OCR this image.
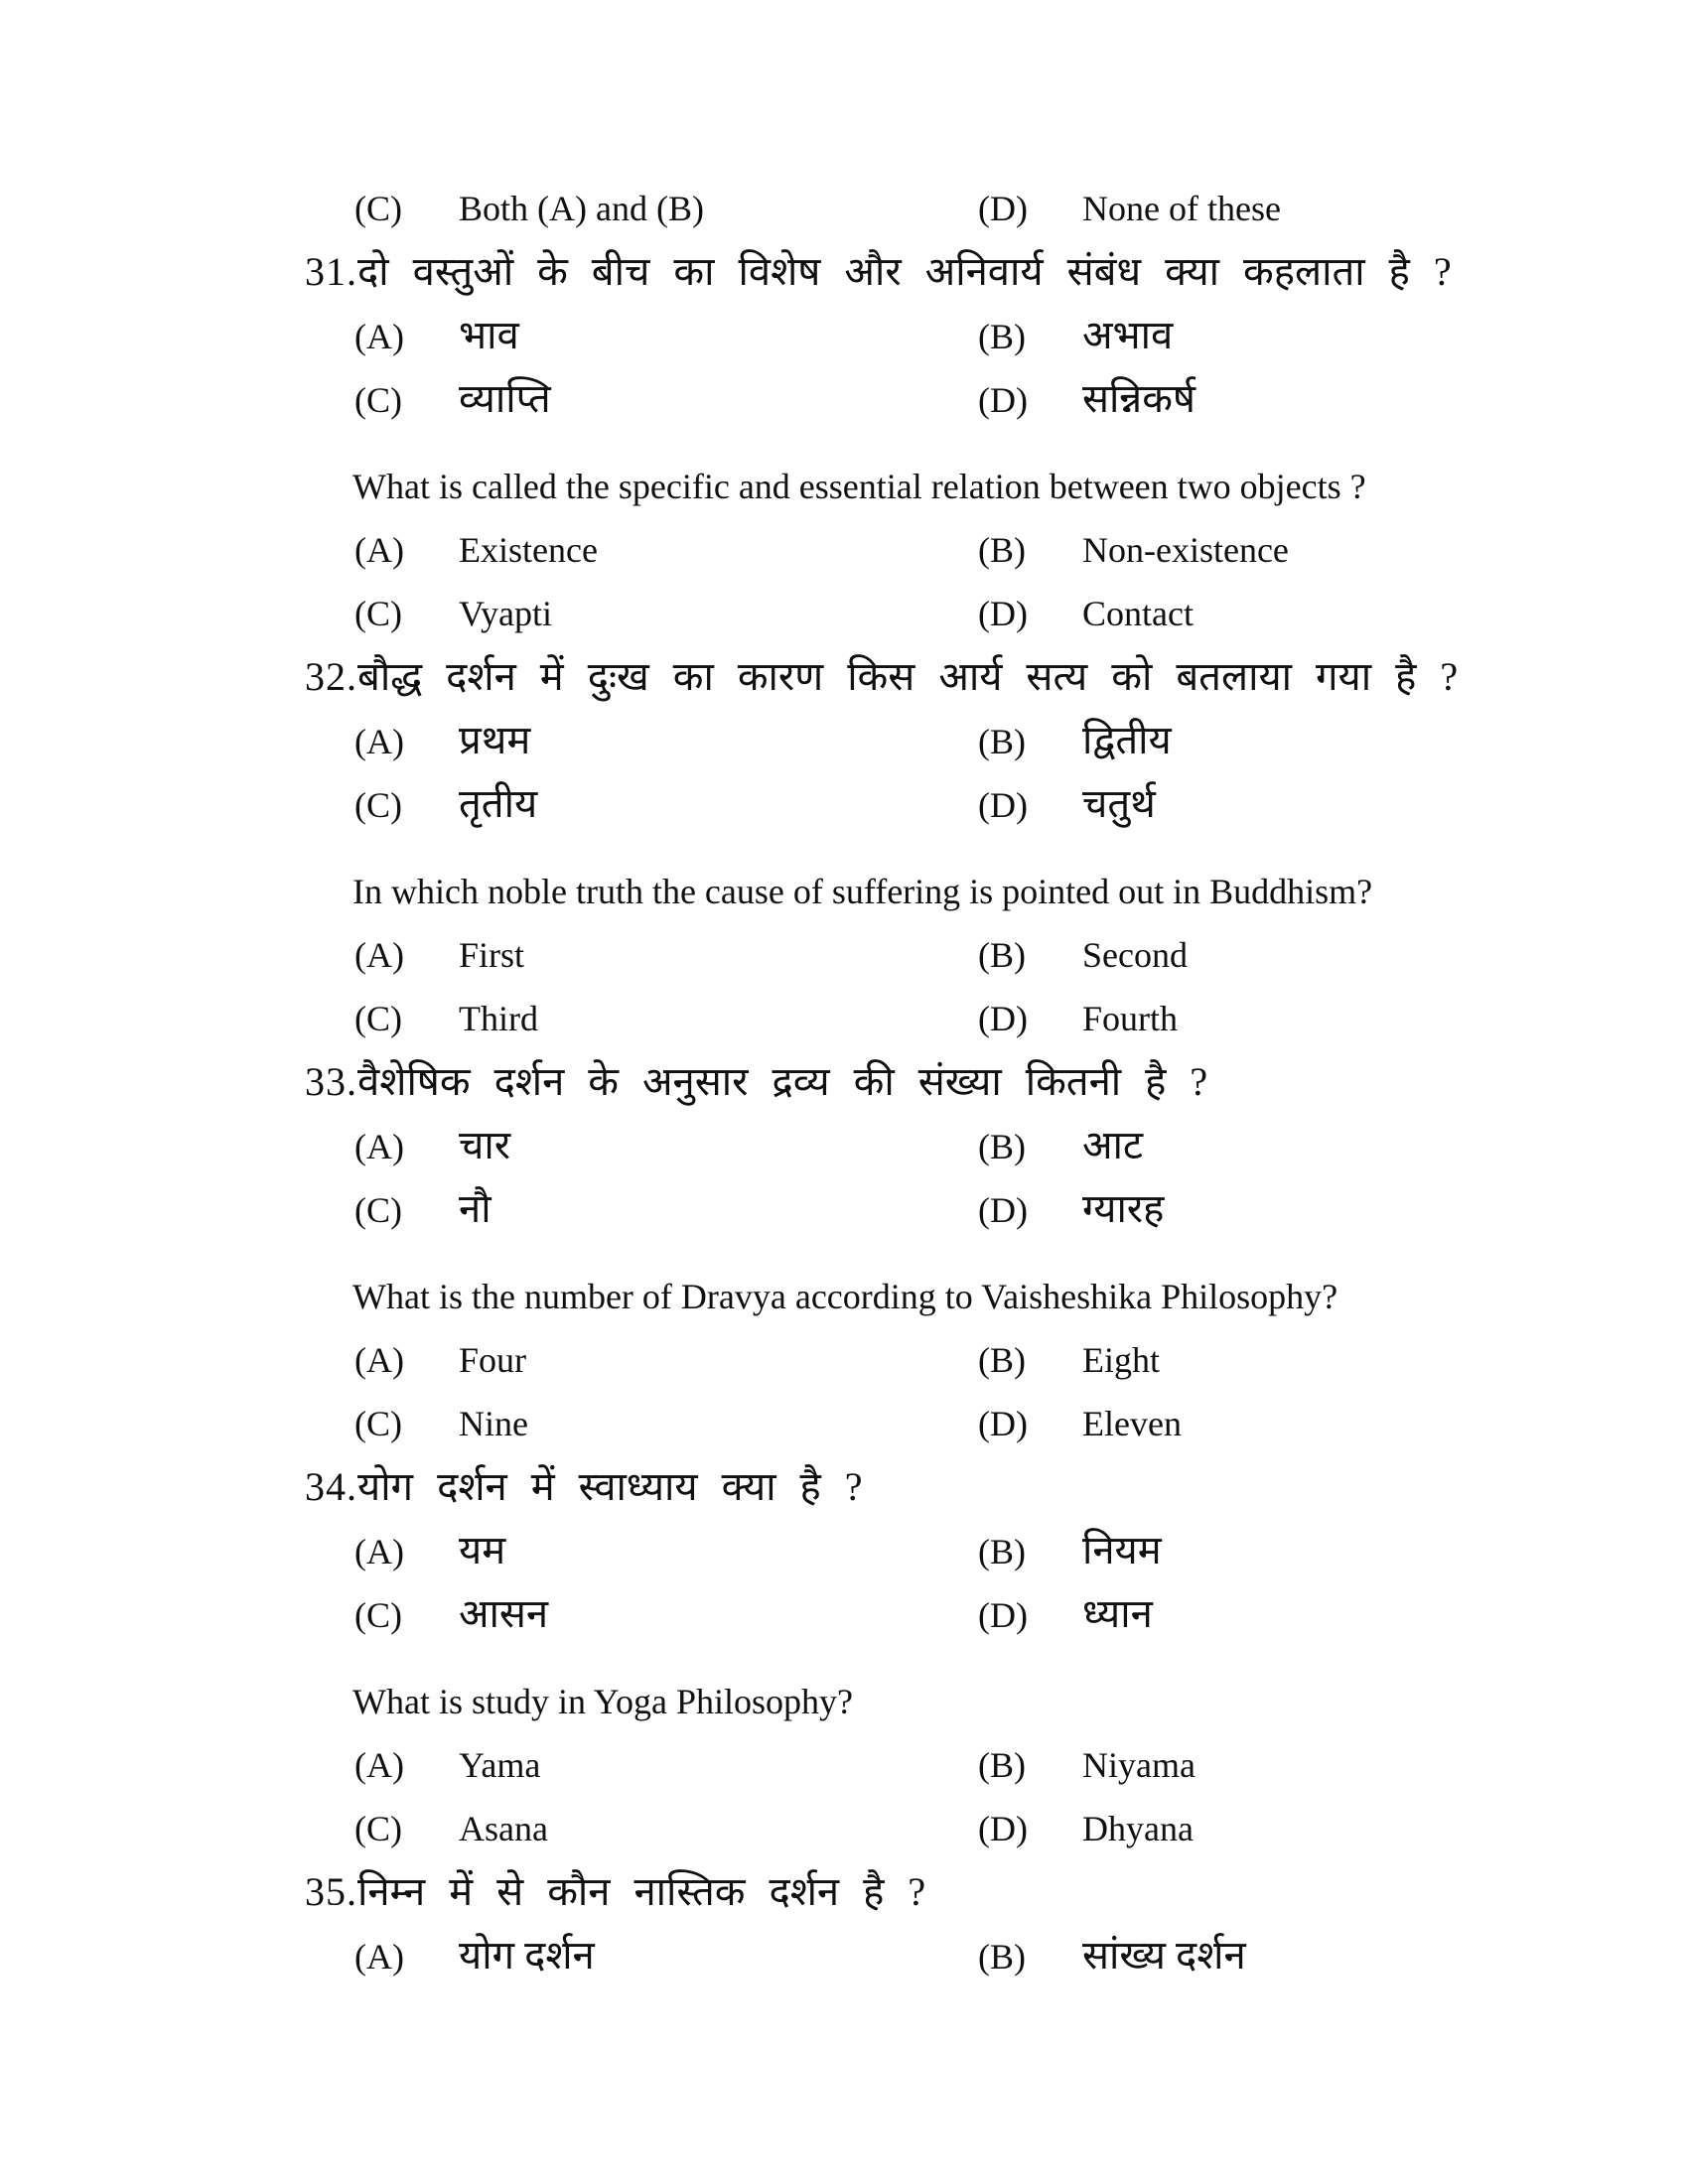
(C) Both (A) and (B)	(D) None of these
31.दो वस्तुओं के बीच का विशेष और अनिवार्य संबंध क्या कहलाता है ?
(A) भाव	(B) अभाव
(C) व्याप्ति	(D) सन्निकर्ष
What is called the specific and essential relation between two objects ?
(A) Existence	(B) Non-existence
(C) Vyapti	(D) Contact
32.बौद्ध दर्शन में दुःख का कारण किस आर्य सत्य को बतलाया गया है ?
(A) प्रथम	(B) द्वितीय
(C) तृतीय	(D) चतुर्थ
In which noble truth the cause of suffering is pointed out in Buddhism?
(A) First	(B) Second
(C) Third	(D) Fourth
33.वैशेषिक दर्शन के अनुसार द्रव्य की संख्या कितनी है ?
(A) चार	(B) आट
(C) नौ	(D) ग्यारह
What is the number of Dravya according to Vaisheshika Philosophy?
(A) Four	(B) Eight
(C) Nine	(D) Eleven
34.योग दर्शन में स्वाध्याय क्या है ?
(A) यम	(B) नियम
(C) आसन	(D) ध्यान
What is study in Yoga Philosophy?
(A) Yama	(B) Niyama
(C) Asana	(D) Dhyana
35.निम्न में से कौन नास्तिक दर्शन है ?
(A) योग दर्शन	(B) सांख्य दर्शन
